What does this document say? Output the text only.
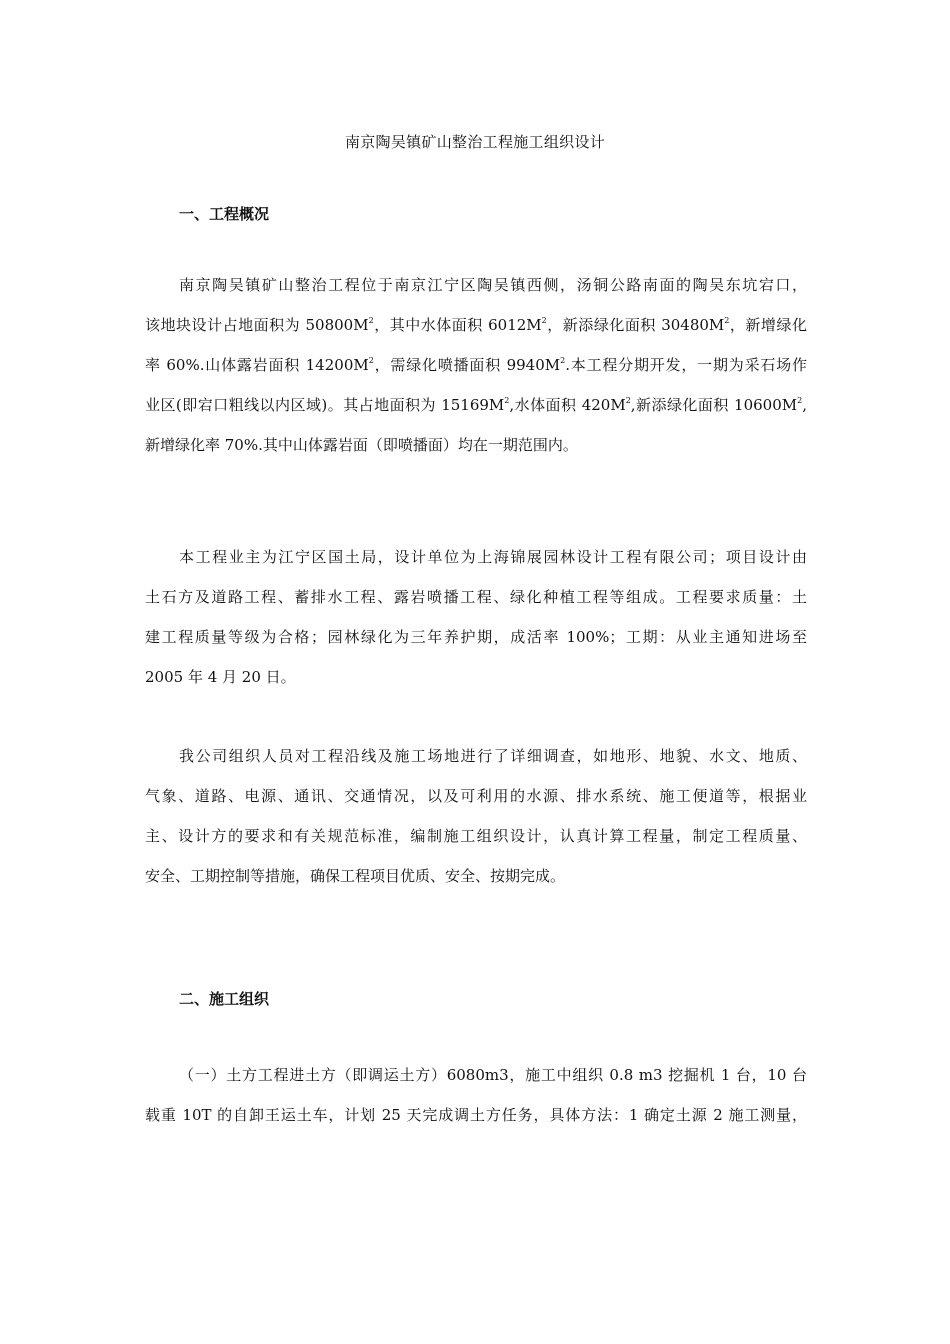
南京陶吴镇矿山整治工程施工组织设计
一、工程概况
南京陶吴镇矿山整治工程位于南京江宁区陶吴镇西侧，汤铜公路南面的陶吴东坑宕口，
该地块设计占地面积为 $50800M^2$，其中水体面积 $6012M^2$，新添绿化面积 $30480M^2$，新增绿化
率 60%.山体露岩面积 $14200M^2$，需绿化喷播面积 $9940M^2$.本工程分期开发，一期为采石场作
业区(即宕口粗线以内区域)。其占地面积为 $15169M^2$,水体面积 $420M^2$,新添绿化面积 $10600M^2$,
新增绿化率 70%.其中山体露岩面（即喷播面）均在一期范围内。
本工程业主为江宁区国土局，设计单位为上海锦展园林设计工程有限公司；项目设计由
土石方及道路工程、蓄排水工程、露岩喷播工程、绿化种植工程等组成。工程要求质量：土
建工程质量等级为合格；园林绿化为三年养护期，成活率 100%；工期：从业主通知进场至
2005 年 4 月 20 日。
我公司组织人员对工程沿线及施工场地进行了详细调查，如地形、地貌、水文、地质、
气象、道路、电源、通讯、交通情况，以及可利用的水源、排水系统、施工便道等，根据业
主、设计方的要求和有关规范标准，编制施工组织设计，认真计算工程量，制定工程质量、
安全、工期控制等措施，确保工程项目优质、安全、按期完成。
二、施工组织
（一）土方工程进土方（即调运土方）6080m3，施工中组织 0.8 m3 挖掘机 1 台，10 台
载重 10T 的自卸王运土车，计划 25 天完成调土方任务，具体方法：1 确定土源 2 施工测量，
